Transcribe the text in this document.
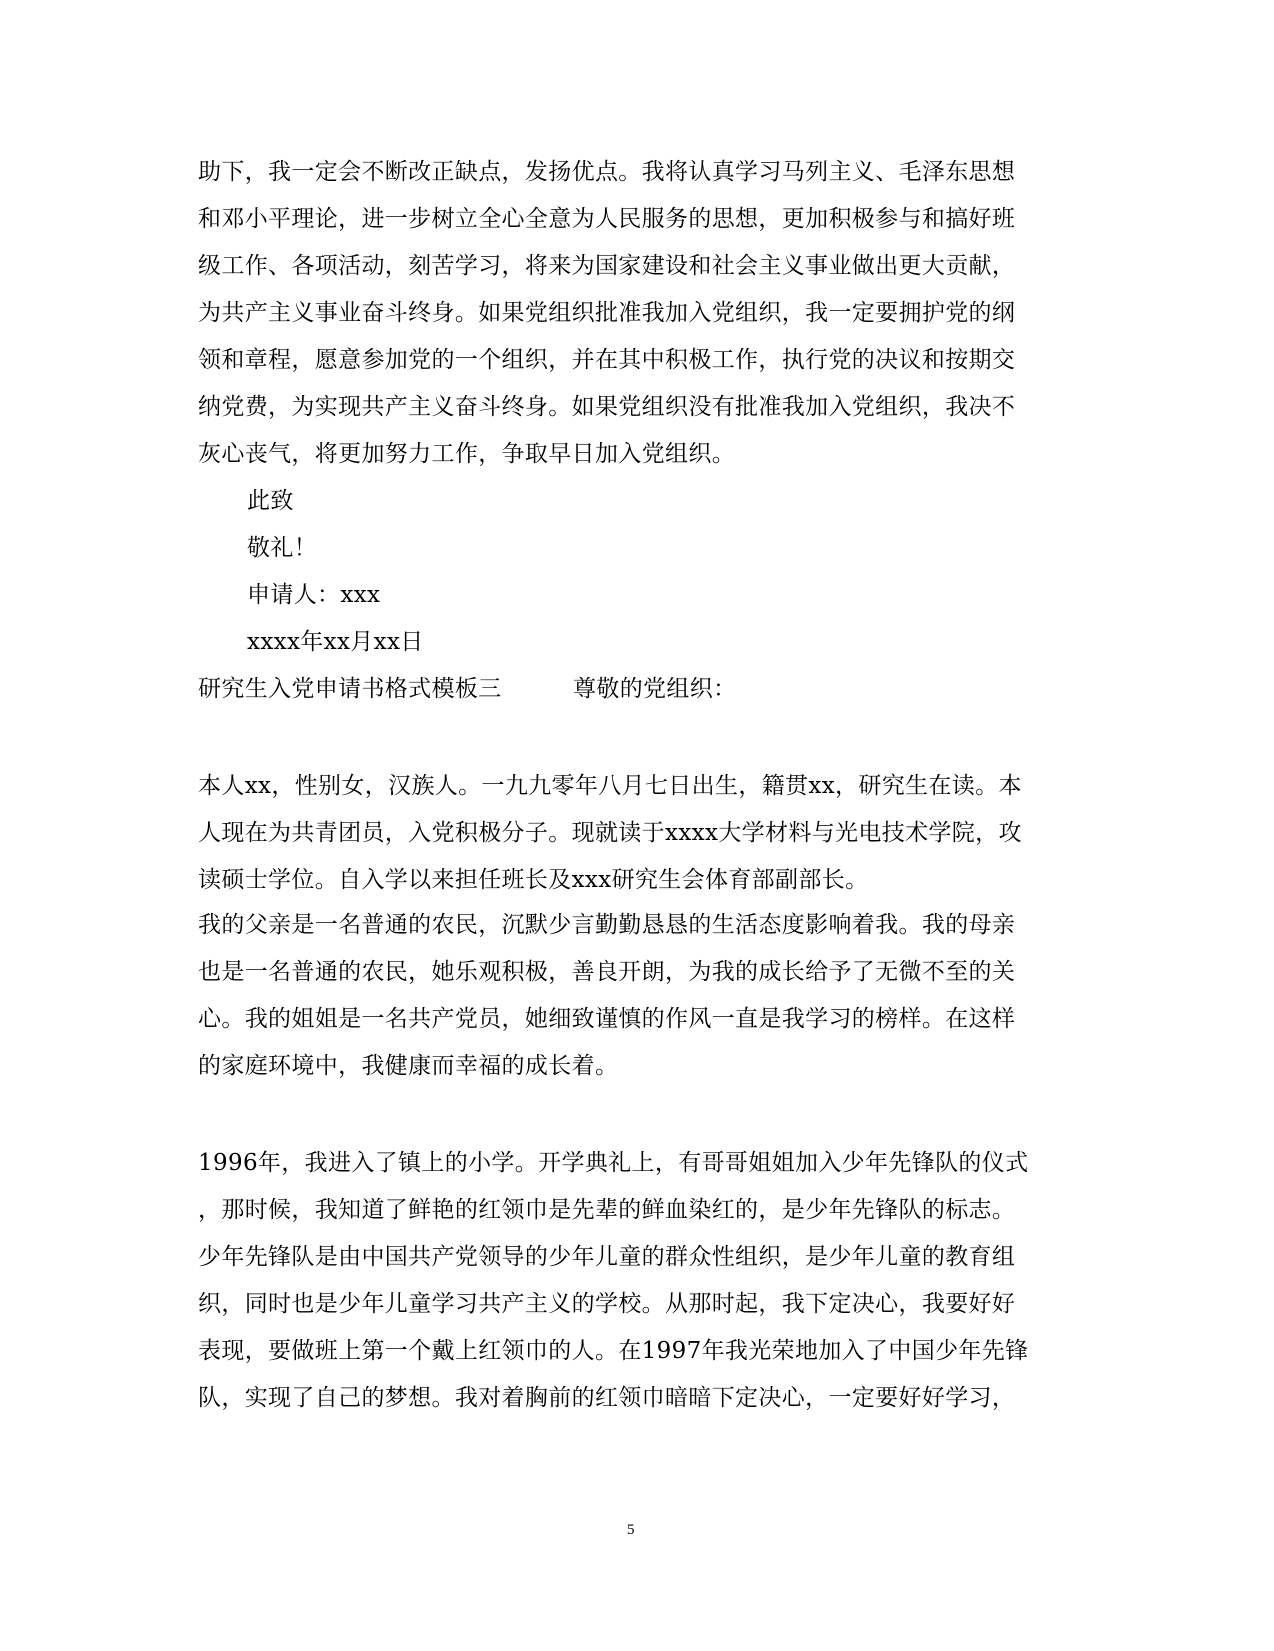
助下，我一定会不断改正缺点，发扬优点。我将认真学习马列主义、毛泽东思想
和邓小平理论，进一步树立全心全意为人民服务的思想，更加积极参与和搞好班
级工作、各项活动，刻苦学习，将来为国家建设和社会主义事业做出更大贡献，
为共产主义事业奋斗终身。如果党组织批准我加入党组织，我一定要拥护党的纲
领和章程，愿意参加党的一个组织，并在其中积极工作，执行党的决议和按期交
纳党费，为实现共产主义奋斗终身。如果党组织没有批准我加入党组织，我决不
灰心丧气，将更加努力工作，争取早日加入党组织。
此致
敬礼！
申请人：xxx
xxxx年xx月xx日
研究生入党申请书格式模板三	尊敬的党组织：
本人xx，性别女，汉族人。一九九零年八月七日出生，籍贯xx，研究生在读。本
人现在为共青团员，入党积极分子。现就读于xxxx大学材料与光电技术学院，攻
读硕士学位。自入学以来担任班长及xxx研究生会体育部副部长。
我的父亲是一名普通的农民，沉默少言勤勤恳恳的生活态度影响着我。我的母亲
也是一名普通的农民，她乐观积极，善良开朗，为我的成长给予了无微不至的关
心。我的姐姐是一名共产党员，她细致谨慎的作风一直是我学习的榜样。在这样
的家庭环境中，我健康而幸福的成长着。
1996年，我进入了镇上的小学。开学典礼上，有哥哥姐姐加入少年先锋队的仪式
，那时候，我知道了鲜艳的红领巾是先辈的鲜血染红的，是少年先锋队的标志。
少年先锋队是由中国共产党领导的少年儿童的群众性组织，是少年儿童的教育组
织，同时也是少年儿童学习共产主义的学校。从那时起，我下定决心，我要好好
表现，要做班上第一个戴上红领巾的人。在1997年我光荣地加入了中国少年先锋
队，实现了自己的梦想。我对着胸前的红领巾暗暗下定决心，一定要好好学习，
5
